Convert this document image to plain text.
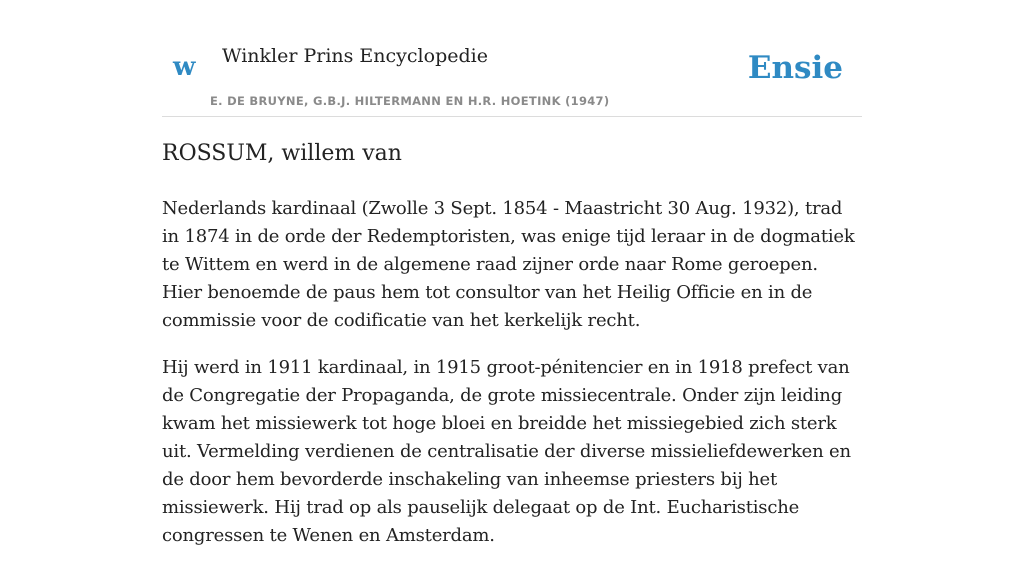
w Winkler Prins Encyclopedie
E. DE BRUYNE, G.B.J. HILTERMANN EN H.R. HOETINK (1947)
Ensie
ROSSUM, willem van

Nederlands kardinaal (Zwolle 3 Sept. 1854 - Maastricht 30 Aug. 1932), trad in 1874 in de orde der Redemptoristen, was enige tijd leraar in de dogmatiek te Wittem en werd in de algemene raad zijner orde naar Rome geroepen. Hier benoemde de paus hem tot consultor van het Heilig Officie en in de commissie voor de codificatie van het kerkelijk recht.

Hij werd in 1911 kardinaal, in 1915 groot-pénitencier en in 1918 prefect van de Congregatie der Propaganda, de grote missiecentrale. Onder zijn leiding kwam het missiewerk tot hoge bloei en breidde het missiegebied zich sterk uit. Vermelding verdienen de centralisatie der diverse missieliefdewerken en de door hem bevorderde inschakeling van inheemse priesters bij het missiewerk. Hij trad op als pauselijk delegaat op de Int. Eucharistische congressen te Wenen en Amsterdam.
